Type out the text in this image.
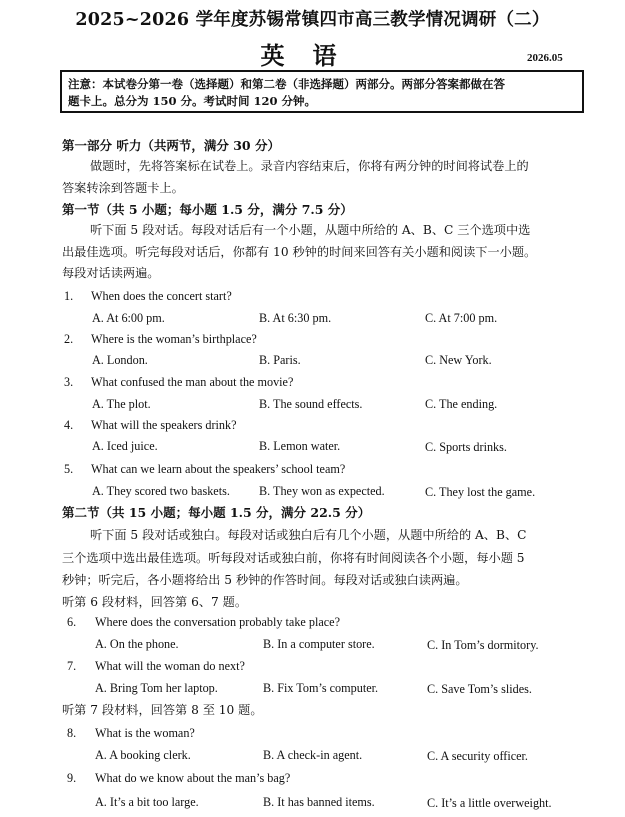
2025~2026 学年度苏锡常镇四市高三教学情况调研（二）
英语	2026.05
注意：本试卷分第一卷（选择题）和第二卷（非选择题）两部分。两部分答案都做在答
题卡上。总分为 150 分。考试时间 120 分钟。
第一部分 听力（共两节，满分 30 分）
做题时，先将答案标在试卷上。录音内容结束后，你将有两分钟的时间将试卷上的
答案转涂到答题卡上。
第一节（共 5 小题；每小题 1.5 分，满分 7.5 分）
听下面 5 段对话。每段对话后有一个小题，从题中所给的 A、B、C 三个选项中选
出最佳选项。听完每段对话后，你都有 10 秒钟的时间来回答有关小题和阅读下一小题。
每段对话读两遍。
1. When does the concert start?
A. At 6:00 pm.	B. At 6:30 pm.	C. At 7:00 pm.
2. Where is the woman’s birthplace?
A. London.	B. Paris.	C. New York.
3. What confused the man about the movie?
A. The plot.	B. The sound effects.	C. The ending.
4. What will the speakers drink?
A. Iced juice.	B. Lemon water.	C. Sports drinks.
5. What can we learn about the speakers’ school team?
A. They scored two baskets. B. They won as expected.	C. They lost the game.
第二节（共 15 小题；每小题 1.5 分，满分 22.5 分）
听下面 5 段对话或独白。每段对话或独白后有几个小题，从题中所给的 A、B、C
三个选项中选出最佳选项。听每段对话或独白前，你将有时间阅读各个小题，每小题 5
秒钟；听完后，各小题将给出 5 秒钟的作答时间。每段对话或独白读两遍。
听第 6 段材料，回答第 6、7 题。
6. Where does the conversation probably take place?
A. On the phone.	B. In a computer store.	C. In Tom’s dormitory.
7. What will the woman do next?
A. Bring Tom her laptop.	B. Fix Tom’s computer.	C. Save Tom’s slides.
听第 7 段材料，回答第 8 至 10 题。
8. What is the woman?
A. A booking clerk.	B. A check-in agent.	C. A security officer.
9. What do we know about the man’s bag?
A. It’s a bit too large.	B. It has banned items.	C. It’s a little overweight.
